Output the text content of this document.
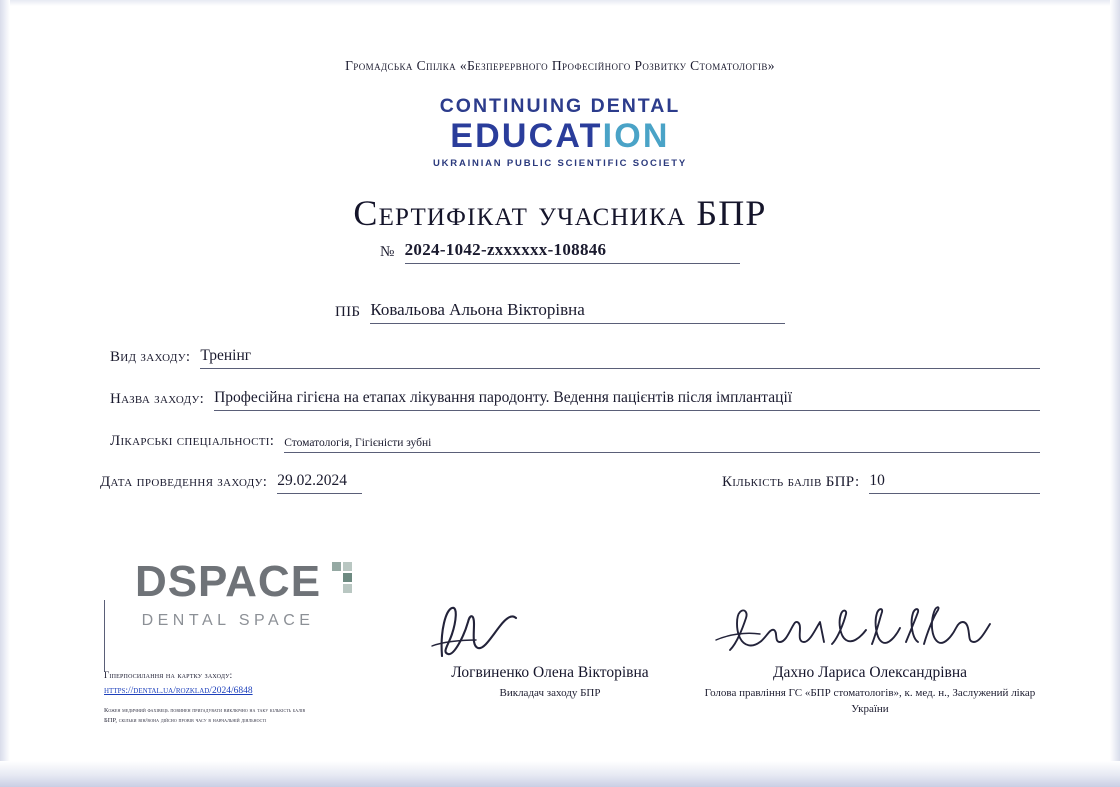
Громадська Спілка «Безперервного Професійного Розвитку Стоматологів»
CONTINUING DENTAL
EDUCATION
UKRAINIAN PUBLIC SCIENTIFIC SOCIETY
Сертифікат учасника БПР
№ 2024-1042-zxxxxxx-108846
ПІБ Ковальова Альона Вікторівна
Вид заходу: Тренінг
Назва заходу: Професійна гігієна на етапах лікування пародонту. Ведення пацієнтів після імплантації
Лікарські спеціальності: Стоматологія, Гігієністи зубні
Дата проведення заходу: 29.02.2024	Кількість балів БПР: 10
DSPACE
DENTAL SPACE
Гіперпосилання на картку заходу:
https://dental.ua/rozklad/2024/6848
Кожен медичний фахівець повинен пригадувати виключно на таку кількість балів БПР, скільки він/вона дійсно провів часу в навчальній діяльності
Логвиненко Олена Вікторівна
Викладач заходу БПР
Дахно Лариса Олександрівна
Голова правління ГС «БПР стоматологів», к. мед. н., Заслужений лікар України
